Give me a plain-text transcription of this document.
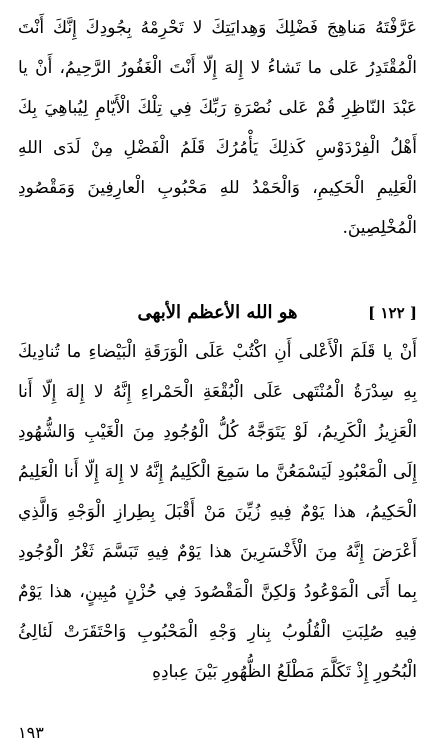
عَرَّفْتَهُ مَناهِجَ فَضْلِكَ وَهِدايَتِكَ لا تَحْرِمْهُ بِجُودِكَ إِنَّكَ أَنْتَ الْمُقْتَدِرُ عَلى ما تَشاءُ لا إِلهَ إِلّا أَنْتَ الْغَفُورُ الرَّحِيمُ، أَنْ يا عَبْدَ النّاظِرِ قُمْ عَلى نُصْرَةِ رَبِّكَ فِي تِلْكَ الْأَيّامِ لِيُباهِيَ بِكَ أَهْلُ الْفِرْدَوْسِ كَذلِكَ يَأْمُرُكَ قَلَمُ الْفَضْلِ مِنْ لَدَى اللهِ الْعَلِيمِ الْحَكِيمِ، وَالْحَمْدُ للهِ مَحْبُوبِ الْعارِفِينَ وَمَقْصُودِ الْمُخْلِصِينَ.

[ ١٢٢ ]
هو الله الأعظم الأبهى

أَنْ يا قَلَمَ الْأَعْلى أَنِ اكْتُبْ عَلَى الْوَرَقَةِ الْبَيْضاءِ ما تُنادِيكَ بِهِ سِدْرَةُ الْمُنْتَهى عَلَى الْبُقْعَةِ الْحَمْراءِ إِنَّهُ لا إِلهَ إِلّا أَنا الْعَزِيزُ الْكَرِيمُ، لَوْ يَتَوَجَّهُ كُلُّ الْوُجُودِ مِنَ الْغَيْبِ وَالشُّهُودِ إِلَى الْمَعْبُودِ لَيَسْمَعُنَّ ما سَمِعَ الْكَلِيمُ إِنَّهُ لا إِلهَ إِلّا أَنا الْعَلِيمُ الْحَكِيمُ، هذا يَوْمٌ فِيهِ زُيِّنَ مَنْ أَقْبَلَ بِطِرازِ الْوَجْهِ وَالَّذِي أَعْرَضَ إِنَّهُ مِنَ الْأَخْسَرِينَ هذا يَوْمٌ فِيهِ تَبَسَّمَ ثَغْرُ الْوُجُودِ بِما أَتَى الْمَوْعُودُ وَلكِنَّ الْمَقْصُودَ فِي حُزْنٍ مُبِينٍ، هذا يَوْمٌ فِيهِ صُلِبَتِ الْقُلُوبُ بِنارِ وَجْهِ الْمَحْبُوبِ وَاحْتَقَرَتْ لَئالِئُ الْبُحُورِ إِذْ تَكَلَّمَ مَطْلَعُ الظُّهُورِ بَيْنَ عِبادِهِ

١٩٣
